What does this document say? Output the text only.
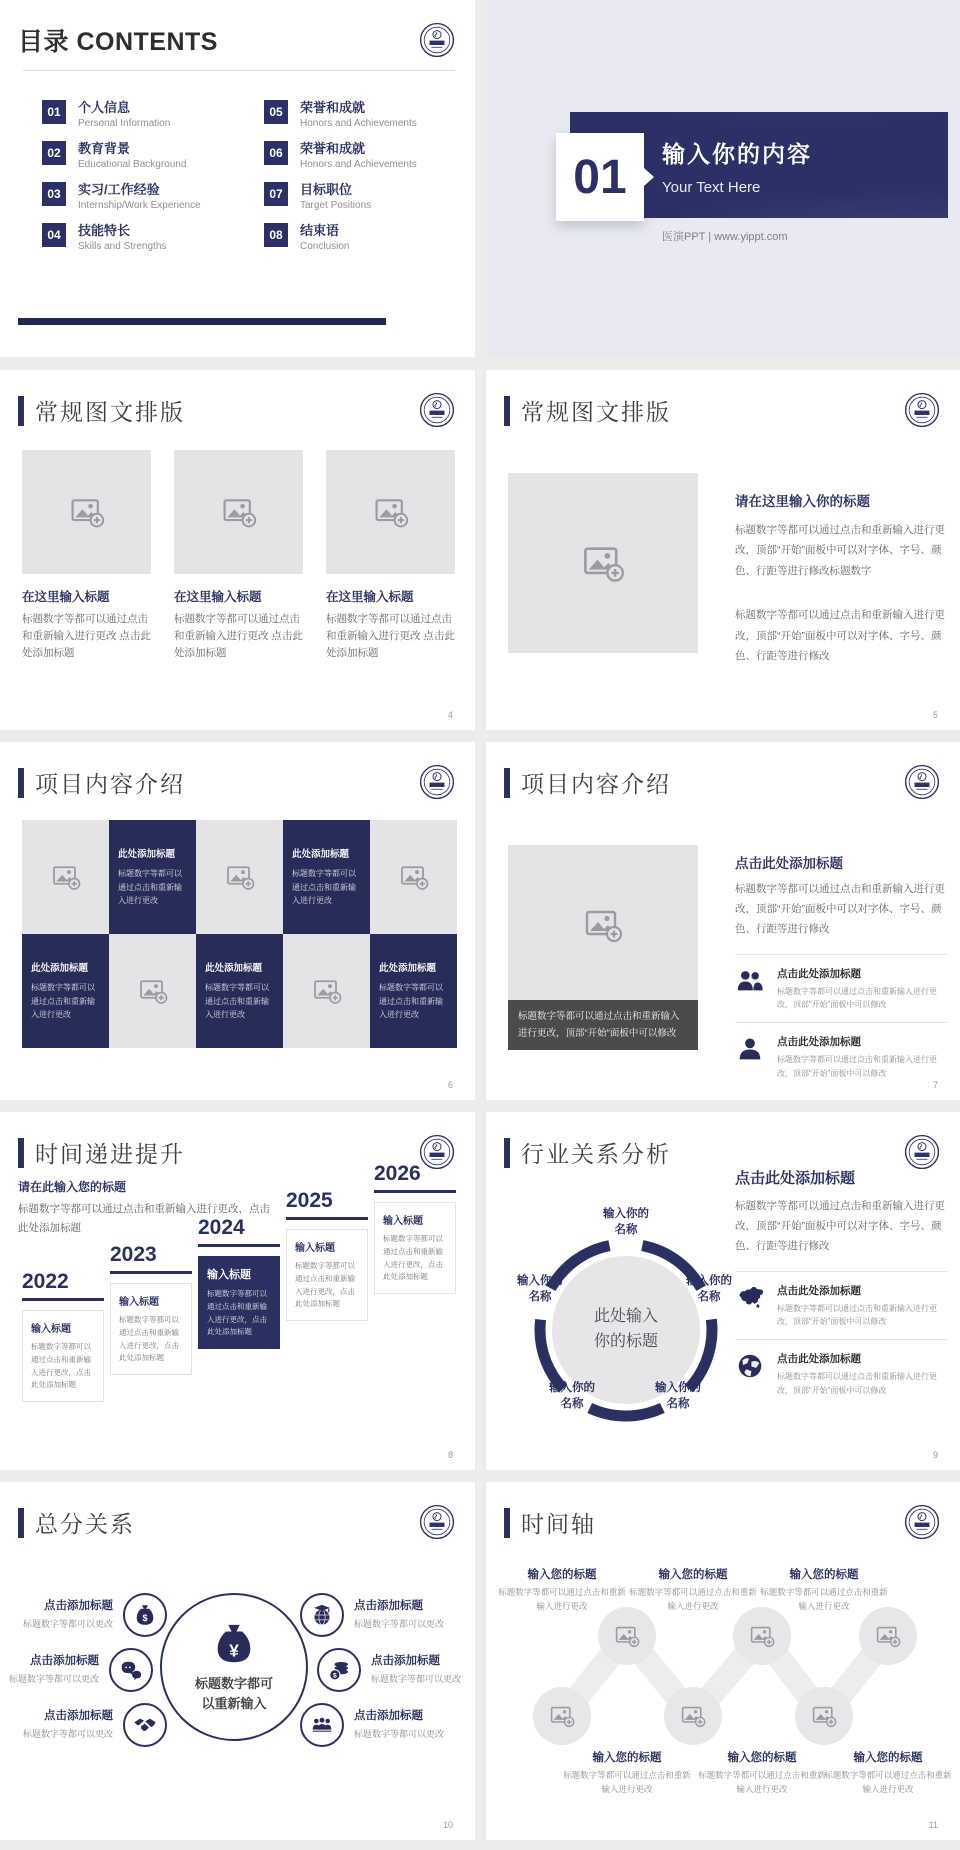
目录 CONTENTS
01	个人信息
Personal Information
02	教育背景
Educational Background
03	实习/工作经验
Internship/Work Experience
04	技能特长
Skills and Strengths
05	荣誉和成就
Honors and Achievements
06	荣誉和成就
Honors and Achievements
07	目标职位
Target Positions
08	结束语
Conclusion
01 输入你的内容
Your Text Here
医演PPT | www.yippt.com
常规图文排版
在这里输入标题

标题数字等都可以通过点击和重新输入进行更改 点击此处添加标题

在这里输入标题

标题数字等都可以通过点击和重新输入进行更改 点击此处添加标题

在这里输入标题

标题数字等都可以通过点击和重新输入进行更改 点击此处添加标题

4
常规图文排版
请在这里输入你的标题

标题数字等都可以通过点击和重新输入进行更改，顶部“开始”面板中可以对字体、字号、颜色、行距等进行修改标题数字

标题数字等都可以通过点击和重新输入进行更改，顶部“开始”面板中可以对字体、字号、颜色、行距等进行修改

5
项目内容介绍
此处添加标题

标题数字等都可以通过点击和重新输入进行更改

此处添加标题

标题数字等都可以通过点击和重新输入进行更改

此处添加标题

标题数字等都可以通过点击和重新输入进行更改

此处添加标题

标题数字等都可以通过点击和重新输入进行更改

此处添加标题

标题数字等都可以通过点击和重新输入进行更改

6
项目内容介绍

标题数字等都可以通过点击和重新输入进行更改，顶部“开始”面板中可以修改

点击此处添加标题

标题数字等都可以通过点击和重新输入进行更改，顶部“开始”面板中可以对字体、字号、颜色、行距等进行修改

点击此处添加标题

标题数字等都可以通过点击和重新输入进行更改，顶部“开始”面板中可以修改

点击此处添加标题

标题数字等都可以通过点击和重新输入进行更改，顶部“开始”面板中可以修改

7
时间递进提升
请在此输入您的标题
标题数字等都可以通过点击和重新输入进行更改，点击此处添加标题
2022
输入标题

标题数字等都可以通过点击和重新输入进行更改，点击此处添加标题

2023
输入标题

标题数字等都可以通过点击和重新输入进行更改，点击此处添加标题

2024
输入标题

标题数字等都可以通过点击和重新输入进行更改，点击此处添加标题

2025
输入标题

标题数字等都可以通过点击和重新输入进行更改，点击此处添加标题

2026
输入标题

标题数字等都可以通过点击和重新输入进行更改，点击此处添加标题

8
行业关系分析
此处输入你的标题
输入你的名称
输入你的名称
输入你的名称
输入你的名称
输入你的名称
点击此处添加标题

标题数字等都可以通过点击和重新输入进行更改，顶部“开始”面板中可以对字体、字号、颜色、行距等进行修改

点击此处添加标题

标题数字等都可以通过点击和重新输入进行更改，顶部“开始”面板中可以修改

点击此处添加标题

标题数字等都可以通过点击和重新输入进行更改，顶部“开始”面板中可以修改

9
总分关系
标题数字都可以重新输入
点击添加标题

标题数字等都可以更改

点击添加标题

标题数字等都可以更改

点击添加标题

标题数字等都可以更改

点击添加标题

标题数字等都可以更改

点击添加标题

标题数字等都可以更改

点击添加标题

标题数字等都可以更改

10
时间轴
输入您的标题

标题数字等都可以通过点击和重新输入进行更改

输入您的标题

标题数字等都可以通过点击和重新输入进行更改

输入您的标题

标题数字等都可以通过点击和重新输入进行更改

输入您的标题

标题数字等都可以通过点击和重新输入进行更改

输入您的标题

标题数字等都可以通过点击和重新输入进行更改

输入您的标题

标题数字等都可以通过点击和重新输入进行更改

11
